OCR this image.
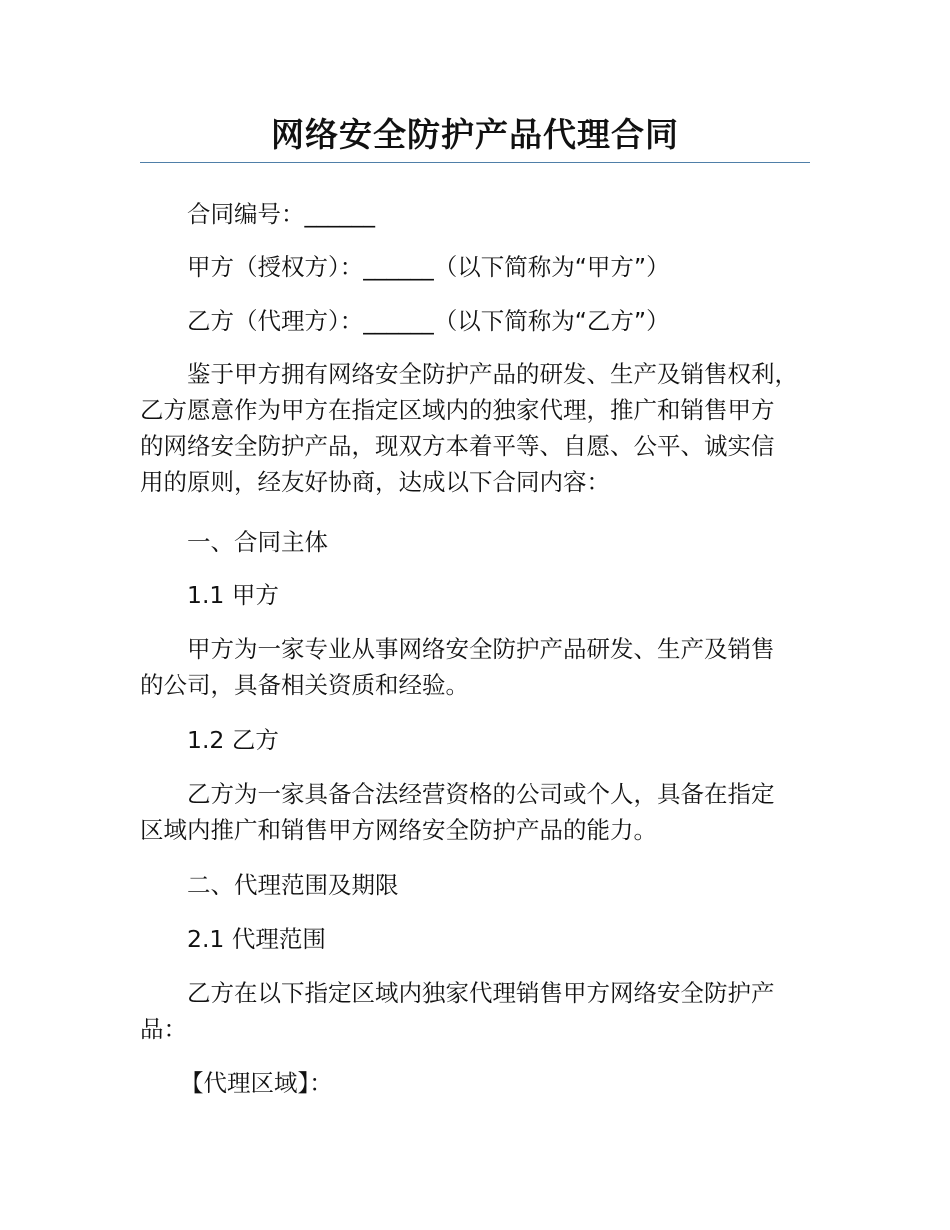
网络安全防护产品代理合同
合同编号：______
甲方（授权方）：______（以下简称为“甲方”）
乙方（代理方）：______（以下简称为“乙方”）
鉴于甲方拥有网络安全防护产品的研发、生产及销售权利，
乙方愿意作为甲方在指定区域内的独家代理，推广和销售甲方
的网络安全防护产品，现双方本着平等、自愿、公平、诚实信
用的原则，经友好协商，达成以下合同内容：
一、合同主体
1.1 甲方
甲方为一家专业从事网络安全防护产品研发、生产及销售
的公司，具备相关资质和经验。
1.2 乙方
乙方为一家具备合法经营资格的公司或个人，具备在指定
区域内推广和销售甲方网络安全防护产品的能力。
二、代理范围及期限
2.1 代理范围
乙方在以下指定区域内独家代理销售甲方网络安全防护产
品：
【代理区域】：
